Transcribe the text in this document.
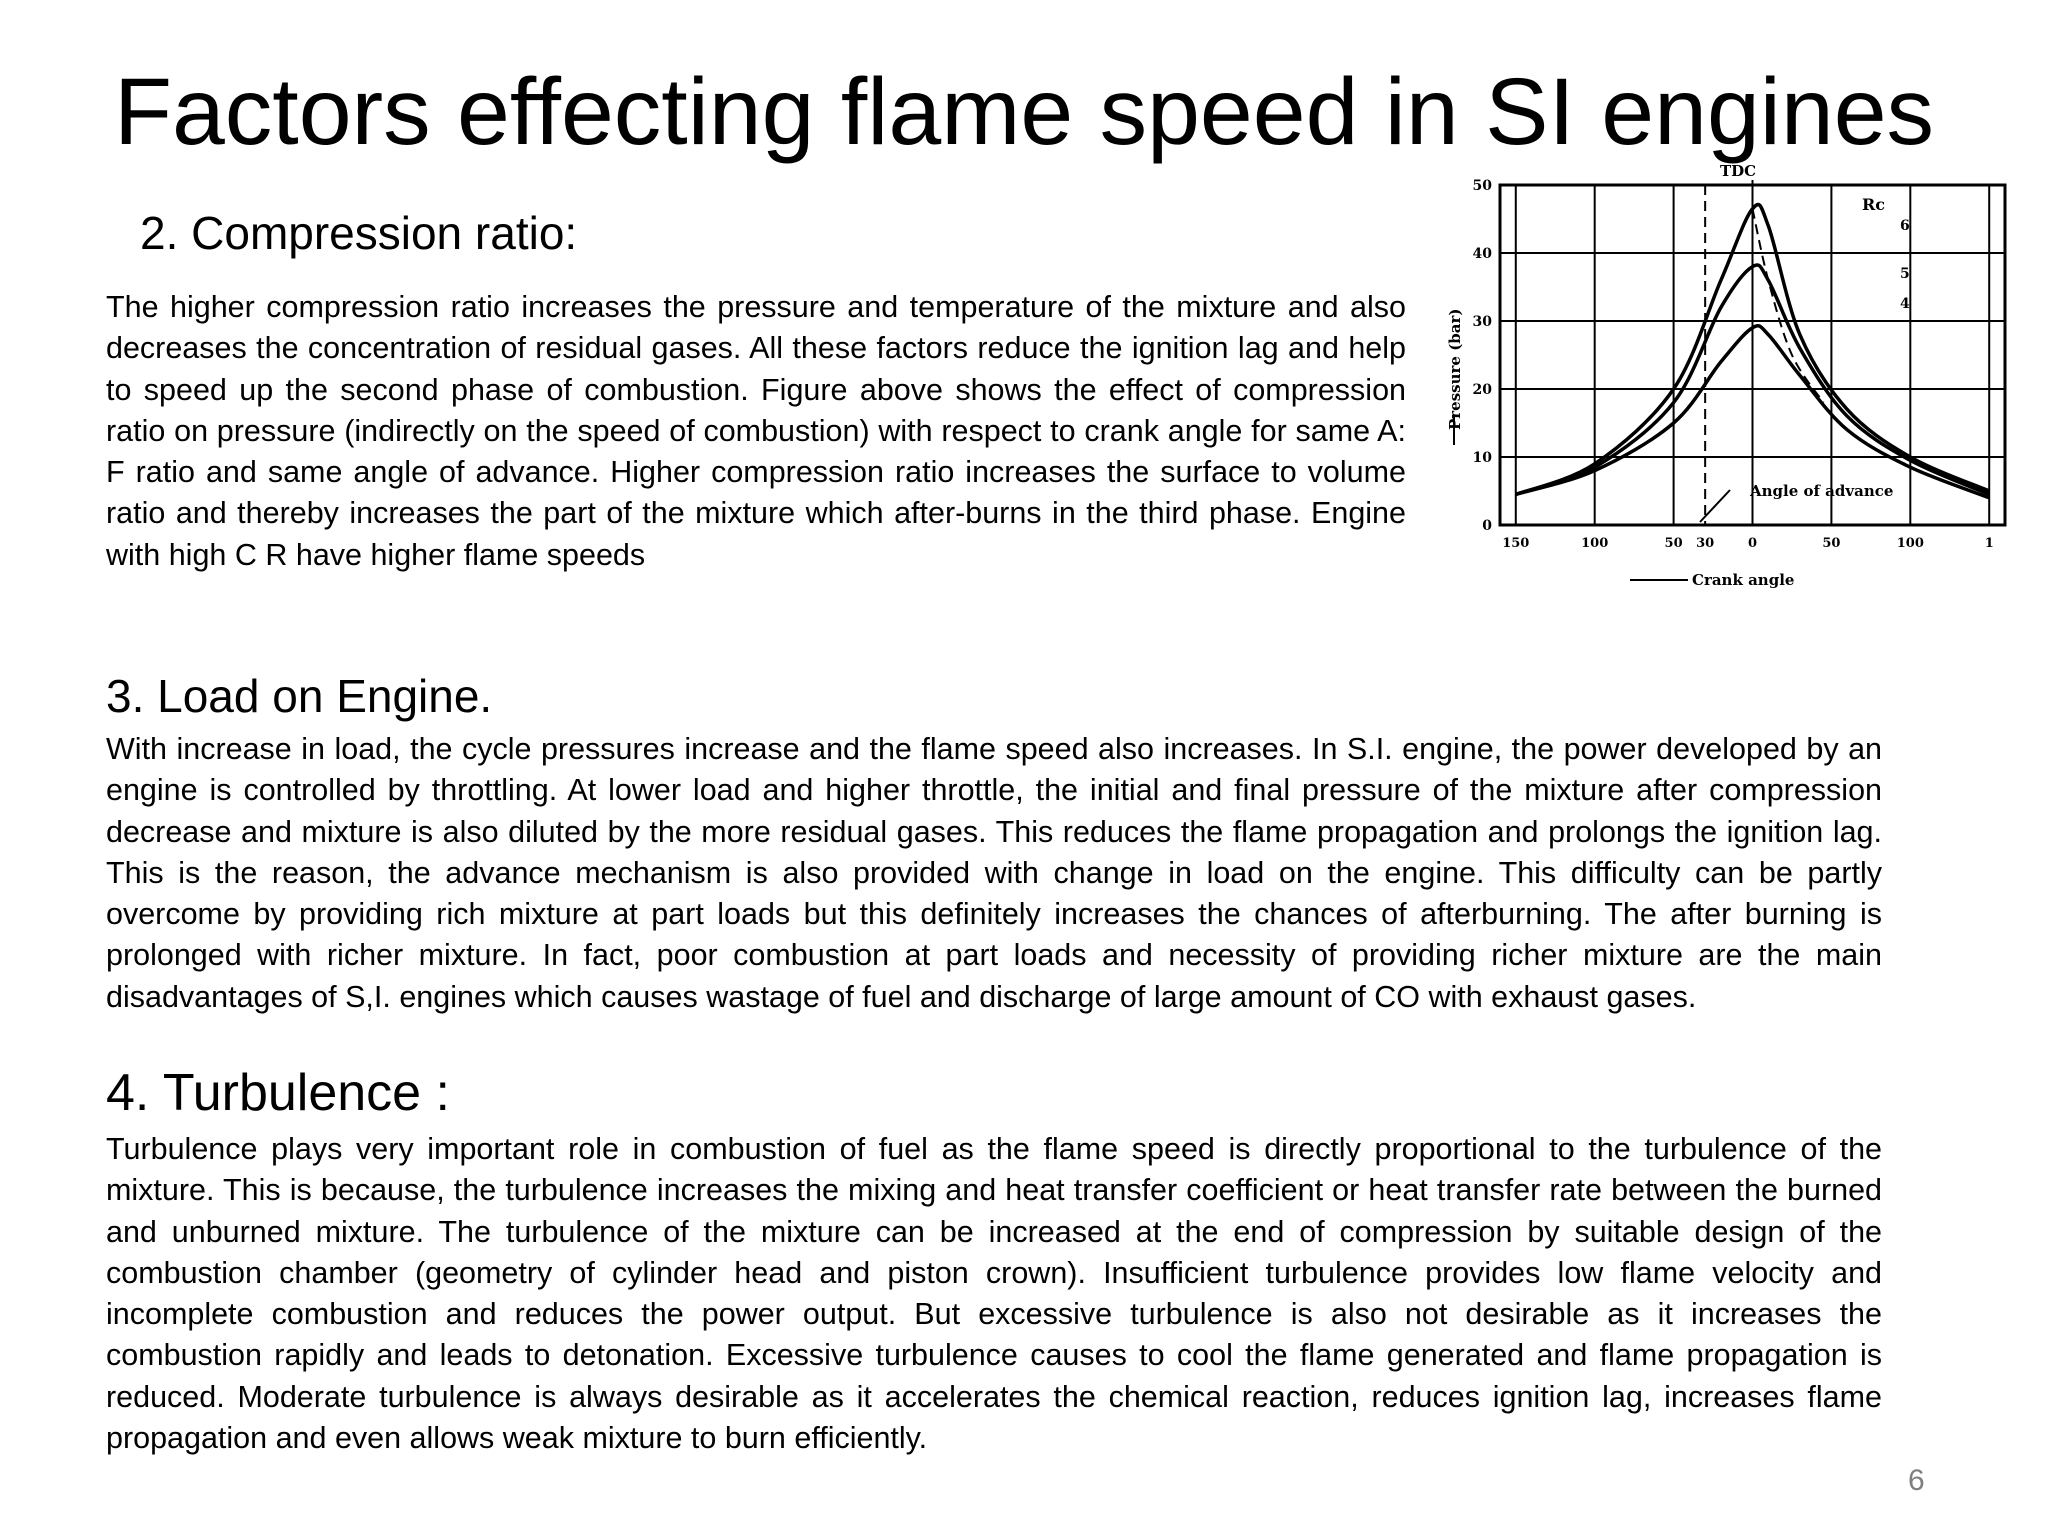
Factors effecting flame speed in SI engines
2. Compression ratio:

The higher compression ratio increases the pressure and temperature of the mixture and also decreases the concentration of residual gases. All these factors reduce the ignition lag and help to speed up the second phase of combustion. Figure above shows the effect of compression ratio on pressure (indirectly on the speed of combustion) with respect to crank angle for same A: F ratio and same angle of advance. Higher compression ratio increases the surface to volume ratio and thereby increases the part of the mixture which after-burns in the third phase. Engine with high C R have higher flame speeds

0
10
20
30
40
50
150	100	50 30	0	50	100	1
TDC
Rc
6
5
4
Angle of advance
Pressure (bar)
Crank angle
3. Load on Engine.

With increase in load, the cycle pressures increase and the flame speed also increases. In S.I. engine, the power developed by an engine is controlled by throttling. At lower load and higher throttle, the initial and final pressure of the mixture after compression decrease and mixture is also diluted by the more residual gases. This reduces the flame propagation and prolongs the ignition lag. This is the reason, the advance mechanism is also provided with change in load on the engine. This difficulty can be partly overcome by providing rich mixture at part loads but this definitely increases the chances of afterburning. The after burning is prolonged with richer mixture. In fact, poor combustion at part loads and necessity of providing richer mixture are the main disadvantages of S,I. engines which causes wastage of fuel and discharge of large amount of CO with exhaust gases.

4. Turbulence :

Turbulence plays very important role in combustion of fuel as the flame speed is directly proportional to the turbulence of the mixture. This is because, the turbulence increases the mixing and heat transfer coefficient or heat transfer rate between the burned and unburned mixture. The turbulence of the mixture can be increased at the end of compression by suitable design of the combustion chamber (geometry of cylinder head and piston crown). Insufficient turbulence provides low flame velocity and incomplete combustion and reduces the power output. But excessive turbulence is also not desirable as it increases the combustion rapidly and leads to detonation. Excessive turbulence causes to cool the flame generated and flame propagation is reduced. Moderate turbulence is always desirable as it accelerates the chemical reaction, reduces ignition lag, increases flame propagation and even allows weak mixture to burn efficiently.

6
